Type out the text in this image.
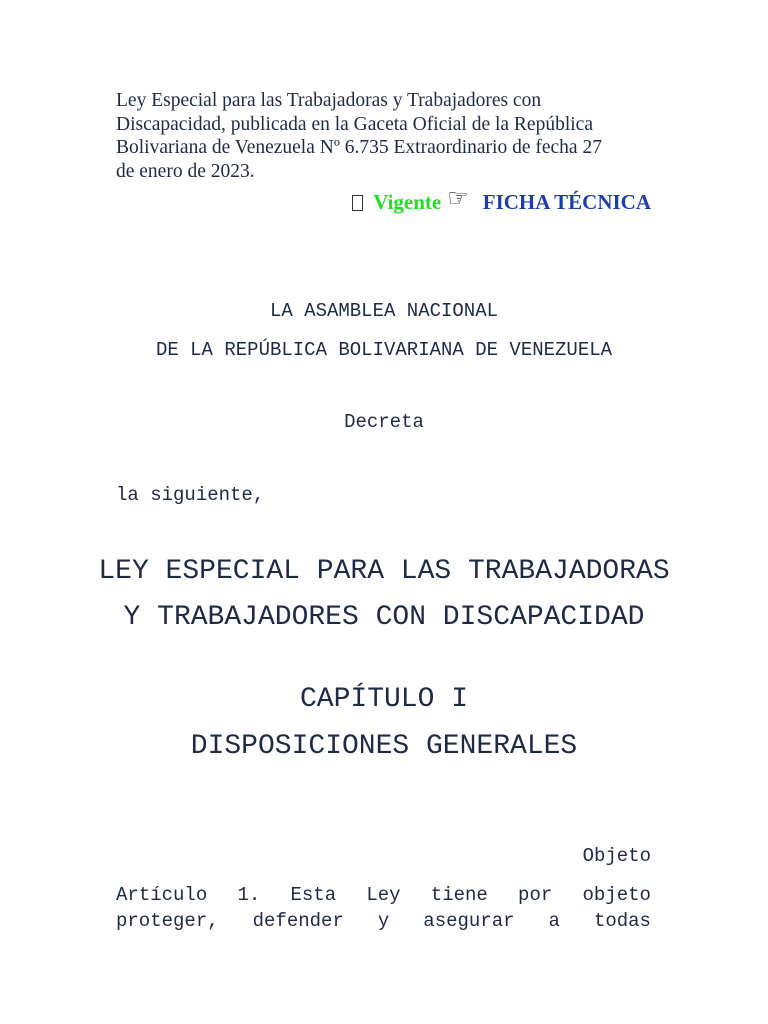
Ley Especial para las Trabajadoras y Trabajadores con
Discapacidad, publicada en la Gaceta Oficial de la República
Bolivariana de Venezuela Nº 6.735 Extraordinario de fecha 27
de enero de 2023.
Vigente ☞ FICHA TÉCNICA
LA ASAMBLEA NACIONAL
DE LA REPÚBLICA BOLIVARIANA DE VENEZUELA
Decreta
la siguiente,
LEY ESPECIAL PARA LAS TRABAJADORAS
Y TRABAJADORES CON DISCAPACIDAD
CAPÍTULO I
DISPOSICIONES GENERALES
Objeto
Artículo 1. Esta Ley tiene por objeto
proteger, defender y asegurar a todas
